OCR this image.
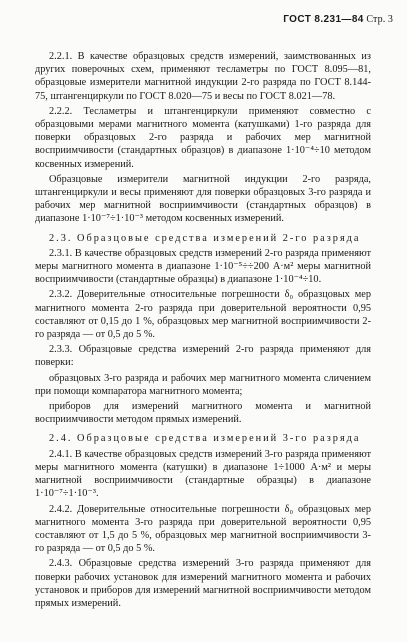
ГОСТ 8.231—84 Стр. 3

2.2.1. В качестве образцовых средств измерений, заимствованных из других поверочных схем, применяют тесламетры по ГОСТ 8.095—81, образцовые измерители магнитной индукции 2-го разряда по ГОСТ 8.144-75, штангенциркули по ГОСТ 8.020—75 и весы по ГОСТ 8.021—78.

2.2.2. Тесламетры и штангенциркули применяют совместно с образцовыми мерами магнитного момента (катушками) 1-го разряда для поверки образцовых 2-го разряда и рабочих мер магнитной восприимчивости (стандартных образцов) в диапазоне 1·10⁻⁴÷10 методом косвенных измерений.

Образцовые измерители магнитной индукции 2-го разряда, штангенциркули и весы применяют для поверки образцовых 3-го разряда и рабочих мер магнитной восприимчивости (стандартных образцов) в диапазоне 1·10⁻⁷÷1·10⁻³ методом косвенных измерений.

2.3. Образцовые средства измерений 2-го разряда

2.3.1. В качестве образцовых средств измерений 2-го разряда применяют меры магнитного момента в диапазоне 1·10⁻⁵÷÷200 А·м² меры магнитной восприимчивости (стандартные образцы) в диапазоне 1·10⁻⁴÷10.

2.3.2. Доверительные относительные погрешности δ₀ образцовых мер магнитного момента 2-го разряда при доверительной вероятности 0,95 составляют от 0,15 до 1 %, образцовых мер магнитной восприимчивости 2-го разряда — от 0,5 до 5 %.

2.3.3. Образцовые средства измерений 2-го разряда применяют для поверки:

образцовых 3-го разряда и рабочих мер магнитного момента сличением при помощи компаратора магнитного момента;

приборов для измерений магнитного момента и магнитной восприимчивости методом прямых измерений.

2.4. Образцовые средства измерений 3-го разряда

2.4.1. В качестве образцовых средств измерений 3-го разряда применяют меры магнитного момента (катушки) в диапазоне 1÷1000 А·м² и меры магнитной восприимчивости (стандартные образцы) в диапазоне 1·10⁻⁷÷1·10⁻³.

2.4.2. Доверительные относительные погрешности δ₀ образцовых мер магнитного момента 3-го разряда при доверительной вероятности 0,95 составляют от 1,5 до 5 %, образцовых мер магнитной восприимчивости 3-го разряда — от 0,5 до 5 %.

2.4.3. Образцовые средства измерений 3-го разряда применяют для поверки рабочих установок для измерений магнитного момента и рабочих установок и приборов для измерений магнитной восприимчивости методом прямых измерений.
